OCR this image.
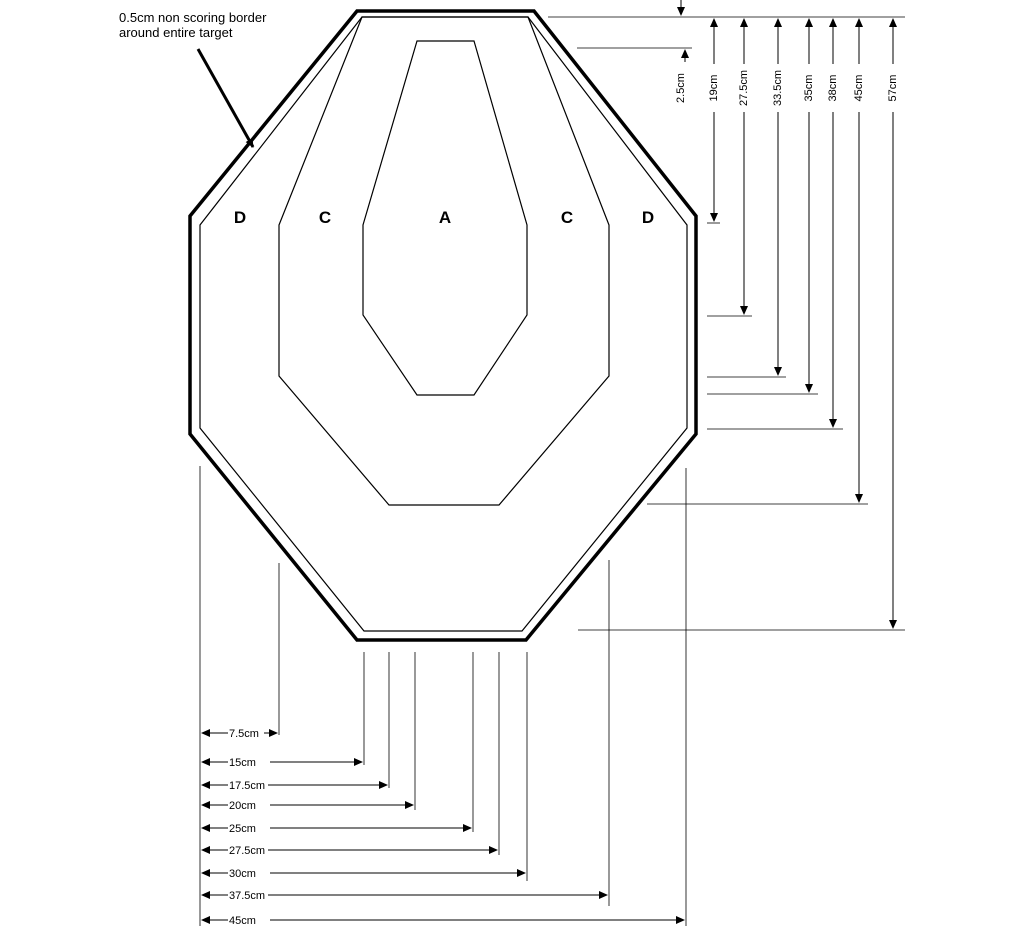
0.5cm non scoring border
around entire target
D	C	A	C	D
2.5cm 19cm 27.5cm 33.5cm 35cm 38cm 45cm 57cm
7.5cm
15cm
17.5cm
20cm
25cm
27.5cm
30cm
37.5cm
45cm
